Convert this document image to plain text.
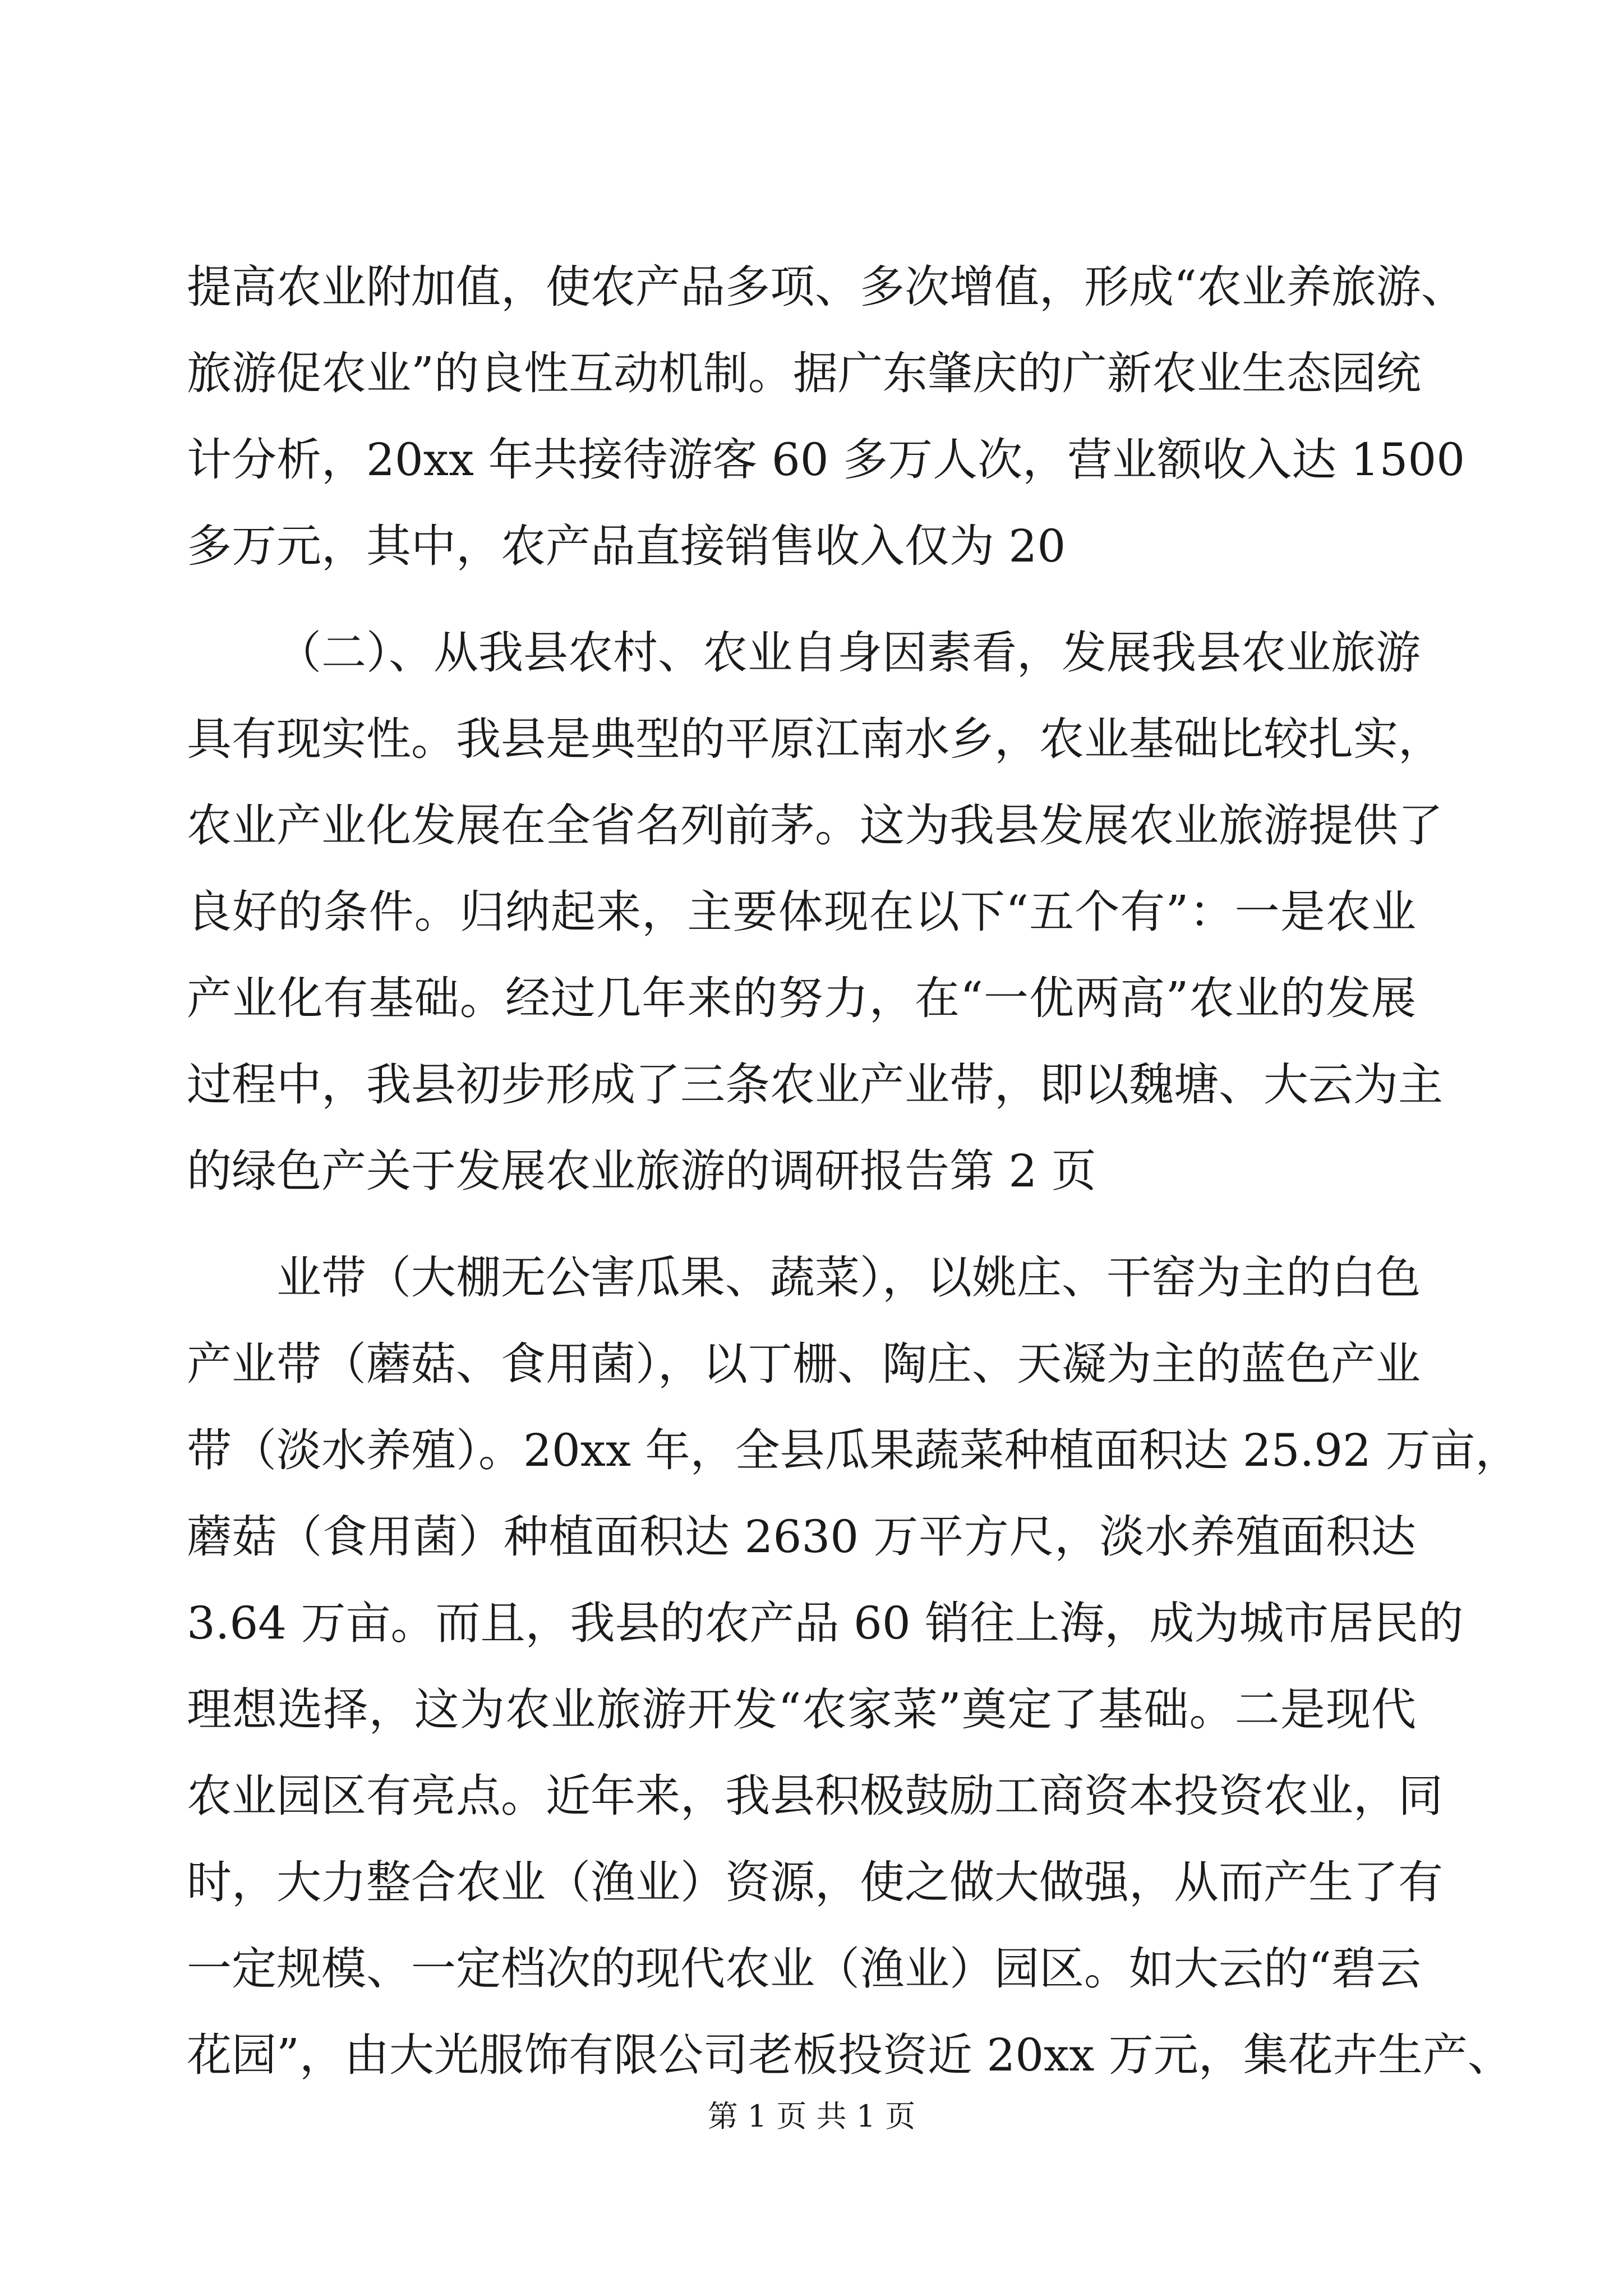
提高农业附加值，使农产品多项、多次增值，形成“农业养旅游、
旅游促农业”的良性互动机制。据广东肇庆的广新农业生态园统
计分析，20xx 年共接待游客 60 多万人次，营业额收入达 1500
多万元，其中，农产品直接销售收入仅为 20
（二）、从我县农村、农业自身因素看，发展我县农业旅游
具有现实性。我县是典型的平原江南水乡，农业基础比较扎实，
农业产业化发展在全省名列前茅。这为我县发展农业旅游提供了
良好的条件。归纳起来，主要体现在以下“五个有”：一是农业
产业化有基础。经过几年来的努力，在“一优两高”农业的发展
过程中，我县初步形成了三条农业产业带，即以魏塘、大云为主
的绿色产关于发展农业旅游的调研报告第 2 页
业带（大棚无公害瓜果、蔬菜），以姚庄、干窑为主的白色
产业带（蘑菇、食用菌），以丁栅、陶庄、天凝为主的蓝色产业
带（淡水养殖）。20xx 年，全县瓜果蔬菜种植面积达 25.92 万亩，
蘑菇（食用菌）种植面积达 2630 万平方尺，淡水养殖面积达
3.64 万亩。而且，我县的农产品 60 销往上海，成为城市居民的
理想选择，这为农业旅游开发“农家菜”奠定了基础。二是现代
农业园区有亮点。近年来，我县积极鼓励工商资本投资农业，同
时，大力整合农业（渔业）资源，使之做大做强，从而产生了有
一定规模、一定档次的现代农业（渔业）园区。如大云的“碧云
花园”，由大光服饰有限公司老板投资近 20xx 万元，集花卉生产、
第 1 页 共 1 页
